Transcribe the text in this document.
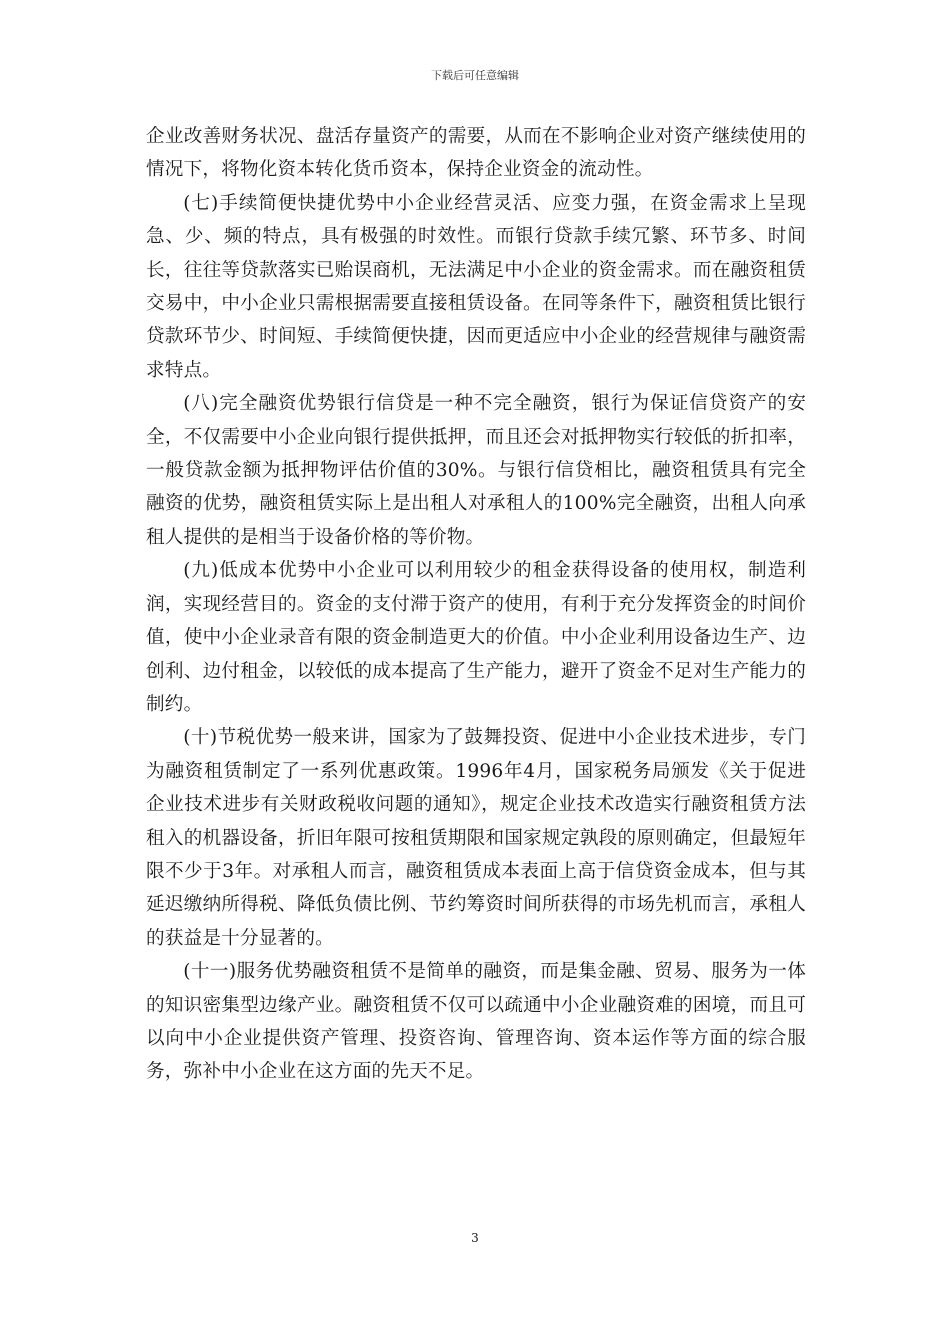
下载后可任意编辑

企业改善财务状况、盘活存量资产的需要，从而在不影响企业对资产继续使用的情况下，将物化资本转化货币资本，保持企业资金的流动性。

(七)手续简便快捷优势中小企业经营灵活、应变力强，在资金需求上呈现急、少、频的特点，具有极强的时效性。而银行贷款手续冗繁、环节多、时间长，往往等贷款落实已贻误商机，无法满足中小企业的资金需求。而在融资租赁交易中，中小企业只需根据需要直接租赁设备。在同等条件下，融资租赁比银行贷款环节少、时间短、手续简便快捷，因而更适应中小企业的经营规律与融资需求特点。

(八)完全融资优势银行信贷是一种不完全融资，银行为保证信贷资产的安全，不仅需要中小企业向银行提供抵押，而且还会对抵押物实行较低的折扣率，一般贷款金额为抵押物评估价值的30%。与银行信贷相比，融资租赁具有完全融资的优势，融资租赁实际上是出租人对承租人的100%完全融资，出租人向承租人提供的是相当于设备价格的等价物。

(九)低成本优势中小企业可以利用较少的租金获得设备的使用权，制造利润，实现经营目的。资金的支付滞于资产的使用，有利于充分发挥资金的时间价值，使中小企业录音有限的资金制造更大的价值。中小企业利用设备边生产、边创利、边付租金，以较低的成本提高了生产能力，避开了资金不足对生产能力的制约。

(十)节税优势一般来讲，国家为了鼓舞投资、促进中小企业技术进步，专门为融资租赁制定了一系列优惠政策。1996年4月，国家税务局颁发《关于促进企业技术进步有关财政税收问题的通知》，规定企业技术改造实行融资租赁方法租入的机器设备，折旧年限可按租赁期限和国家规定孰段的原则确定，但最短年限不少于3年。对承租人而言，融资租赁成本表面上高于信贷资金成本，但与其延迟缴纳所得税、降低负债比例、节约筹资时间所获得的市场先机而言，承租人的获益是十分显著的。

(十一)服务优势融资租赁不是简单的融资，而是集金融、贸易、服务为一体的知识密集型边缘产业。融资租赁不仅可以疏通中小企业融资难的困境，而且可以向中小企业提供资产管理、投资咨询、管理咨询、资本运作等方面的综合服务，弥补中小企业在这方面的先天不足。

3
